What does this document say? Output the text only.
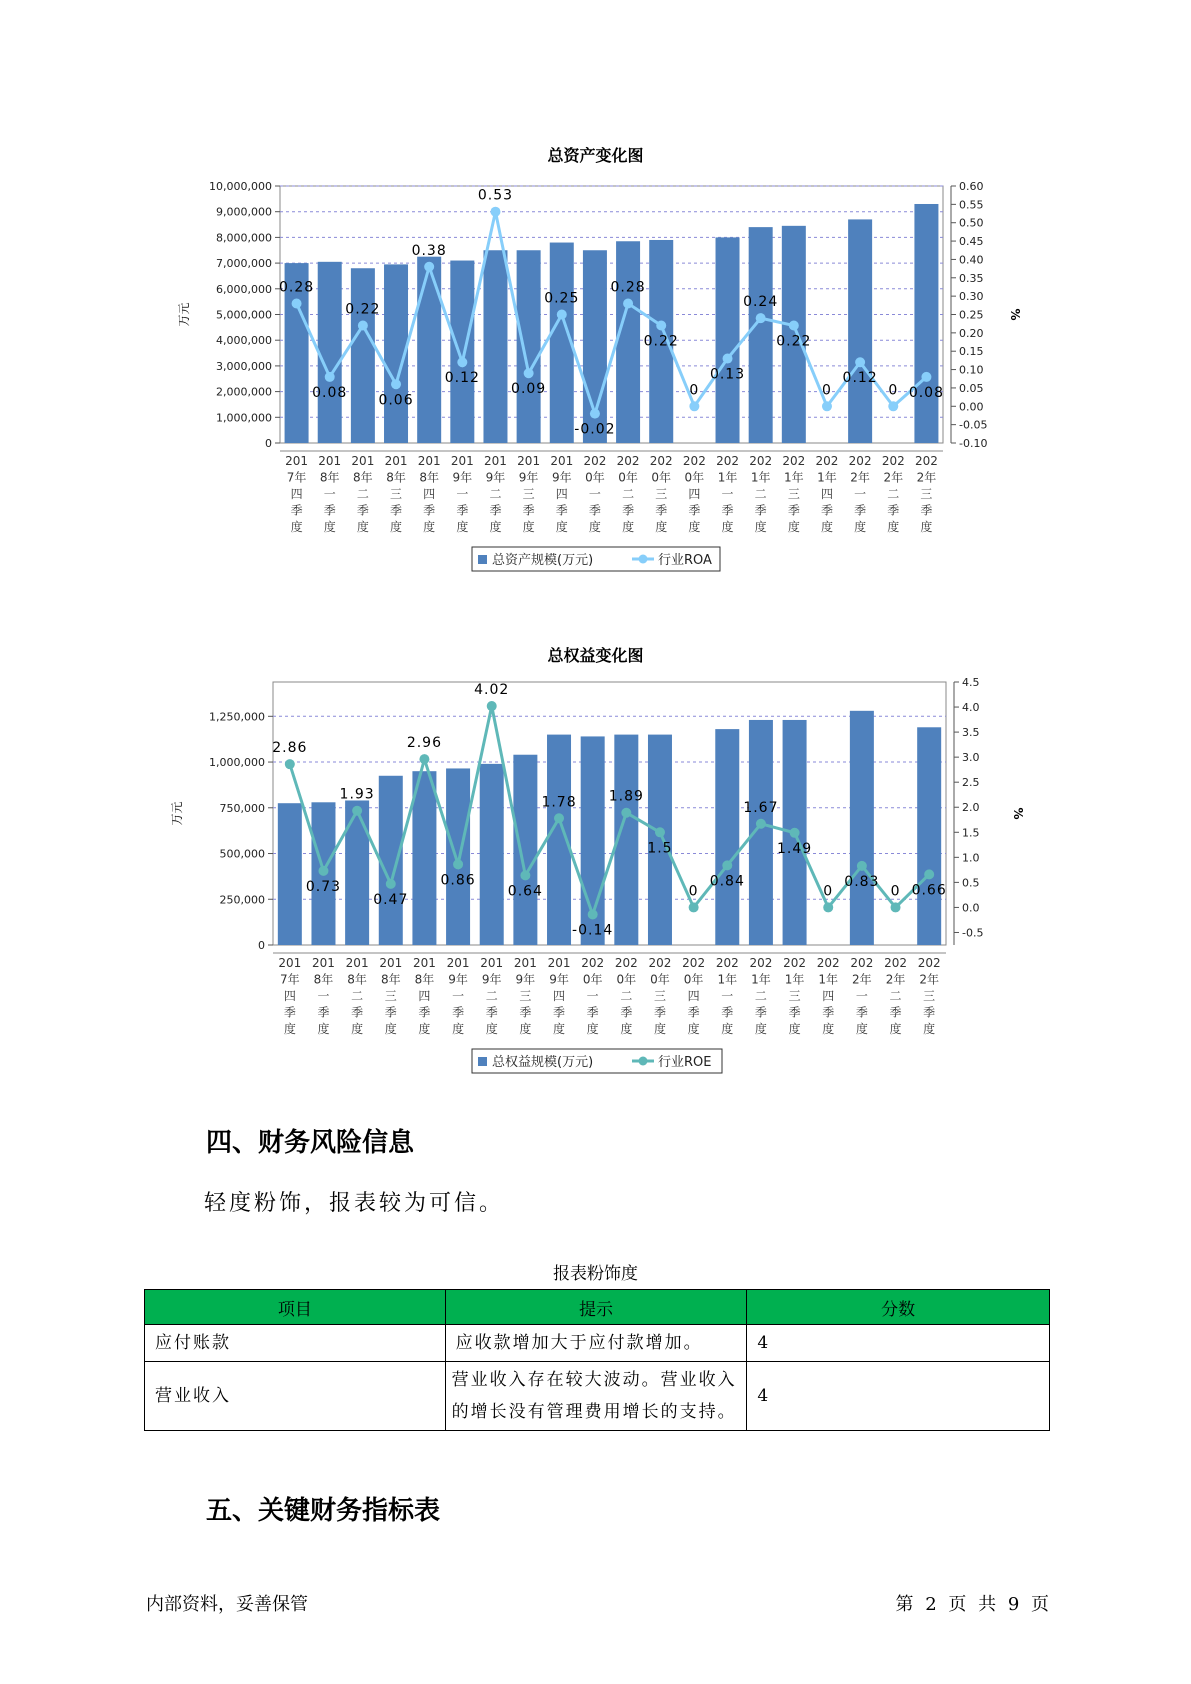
总资产变化图
0
1,000,000
2,000,000
3,000,000
4,000,000
5,000,000
6,000,000
7,000,000
8,000,000
9,000,000
10,000,000
-0.10
-0.05
0.00
0.05
0.10
0.15
0.20
0.25
0.30
0.35
0.40
0.45
0.50
0.55
0.60
万元	%
201 7年四季度
201 8年一季度
201 8年二季度
201 8年三季度
201 8年四季度
201 9年一季度
201 9年二季度
201 9年三季度
201 9年四季度
202 0年一季度
202 0年二季度
202 0年三季度
202 0年四季度
202 1年一季度
202 1年二季度
202 1年三季度
202 1年四季度
202 2年一季度
202 2年二季度
202 2年三季度
0.28
0.08
0.22
0.06
0.38
0.12
0.53
0.09
0.25
-0.02
0.28
0.22
0
0.13
0.24
0.22
0
0.12
0 0.08
总资产规模(万元)	行业ROA
总权益变化图
0
250,000
500,000
750,000
1,000,000
1,250,000
-0.5
0.0
0.5
1.0
1.5
2.0
2.5
3.0
3.5
4.0
4.5
万元	%
201 7年四季度
201 8年一季度
201 8年二季度
201 8年三季度
201 8年四季度
201 9年一季度
201 9年二季度
201 9年三季度
201 9年四季度
202 0年一季度
202 0年二季度
202 0年三季度
202 0年四季度
202 1年一季度
202 1年二季度
202 1年三季度
202 1年四季度
202 2年一季度
202 2年二季度
202 2年三季度
2.86
0.73
1.93
0.47
2.96
0.86
4.02
0.64
1.78
-0.14
1.89
1.5
0
0.84
1.67
1.49
0
0.83
0 0.66
总权益规模(万元)	行业ROE
四、财务风险信息
轻度粉饰，报表较为可信。
报表粉饰度
项目	提示	分数
应付账款	应收款增加大于应付款增加。	4
营业收入	营业收入存在较大波动。营业收入的增长没有管理费用增长的支持。	4
五、关键财务指标表
内部资料，妥善保管	第 2 页 共 9 页
